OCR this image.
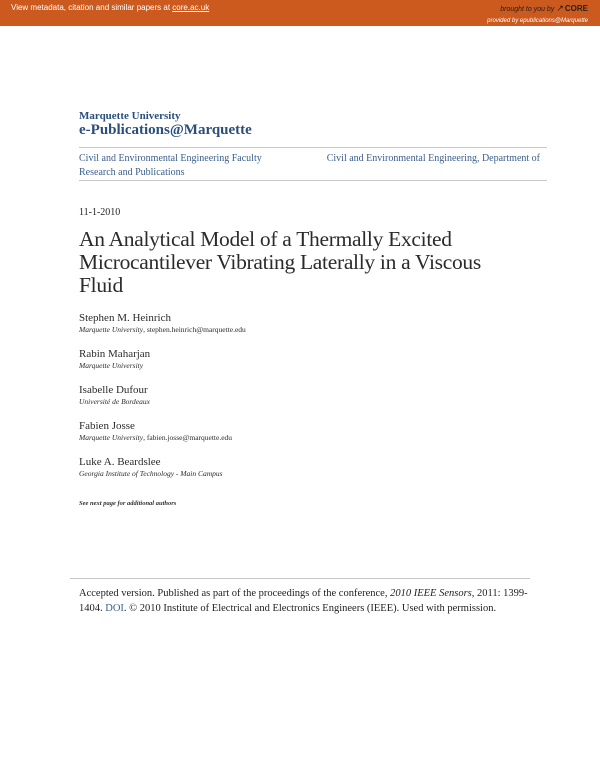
View metadata, citation and similar papers at core.ac.uk	brought to you by ↗CORE
provided by epublications@Marquette
Marquette University
e-Publications@Marquette
Civil and Environmental Engineering Faculty Research and Publications
Civil and Environmental Engineering, Department of
11-1-2010
An Analytical Model of a Thermally Excited Microcantilever Vibrating Laterally in a Viscous Fluid
Stephen M. Heinrich
Marquette University, stephen.heinrich@marquette.edu
Rabin Maharjan
Marquette University
Isabelle Dufour
Université de Bordeaux
Fabien Josse
Marquette University, fabien.josse@marquette.edu
Luke A. Beardslee
Georgia Institute of Technology - Main Campus
See next page for additional authors
Accepted version. Published as part of the proceedings of the conference, 2010 IEEE Sensors, 2011: 1399-1404. DOI. © 2010 Institute of Electrical and Electronics Engineers (IEEE). Used with permission.
